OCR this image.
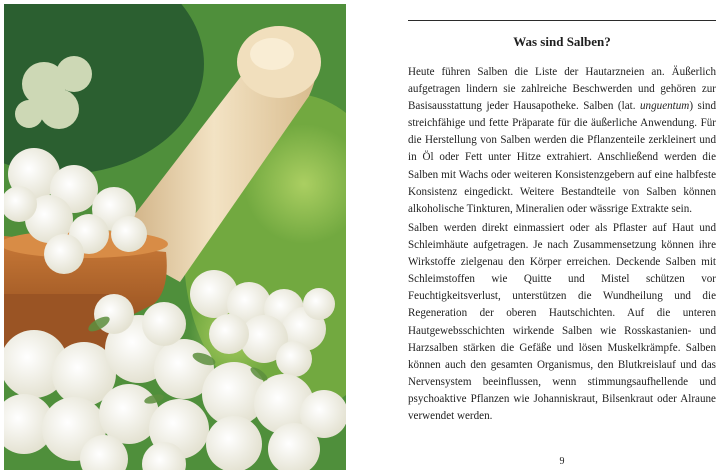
Was sind Salben?

Heute führen Salben die Liste der Hautarzneien an. Äußerlich aufgetragen lindern sie zahlreiche Beschwerden und gehören zur Basisausstattung jeder Hausapotheke. Salben (lat. unguentum) sind streichfähige und fette Präparate für die äußerliche Anwendung. Für die Herstellung von Salben werden die Pflanzenteile zerkleinert und in Öl oder Fett unter Hitze extrahiert. Anschließend werden die Salben mit Wachs oder weiteren Konsistenzgebern auf eine halbfeste Konsistenz eingedickt. Weitere Bestandteile von Salben können alkoholische Tinkturen, Mineralien oder wässrige Extrakte sein.

Salben werden direkt einmassiert oder als Pflaster auf Haut und Schleimhäute aufgetragen. Je nach Zusammensetzung können ihre Wirkstoffe zielgenau den Körper erreichen. Deckende Salben mit Schleimstoffen wie Quitte und Mistel schützen vor Feuchtigkeitsverlust, unterstützen die Wundheilung und die Regeneration der oberen Hautschichten. Auf die unteren Hautgewebsschichten wirkende Salben wie Rosskastanien- und Harzsalben stärken die Gefäße und lösen Muskelkrämpfe. Salben können auch den gesamten Organismus, den Blutkreislauf und das Nervensystem beeinflussen, wenn stimmungsaufhellende und psychoaktive Pflanzen wie Johanniskraut, Bilsenkraut oder Alraune verwendet werden.

9
